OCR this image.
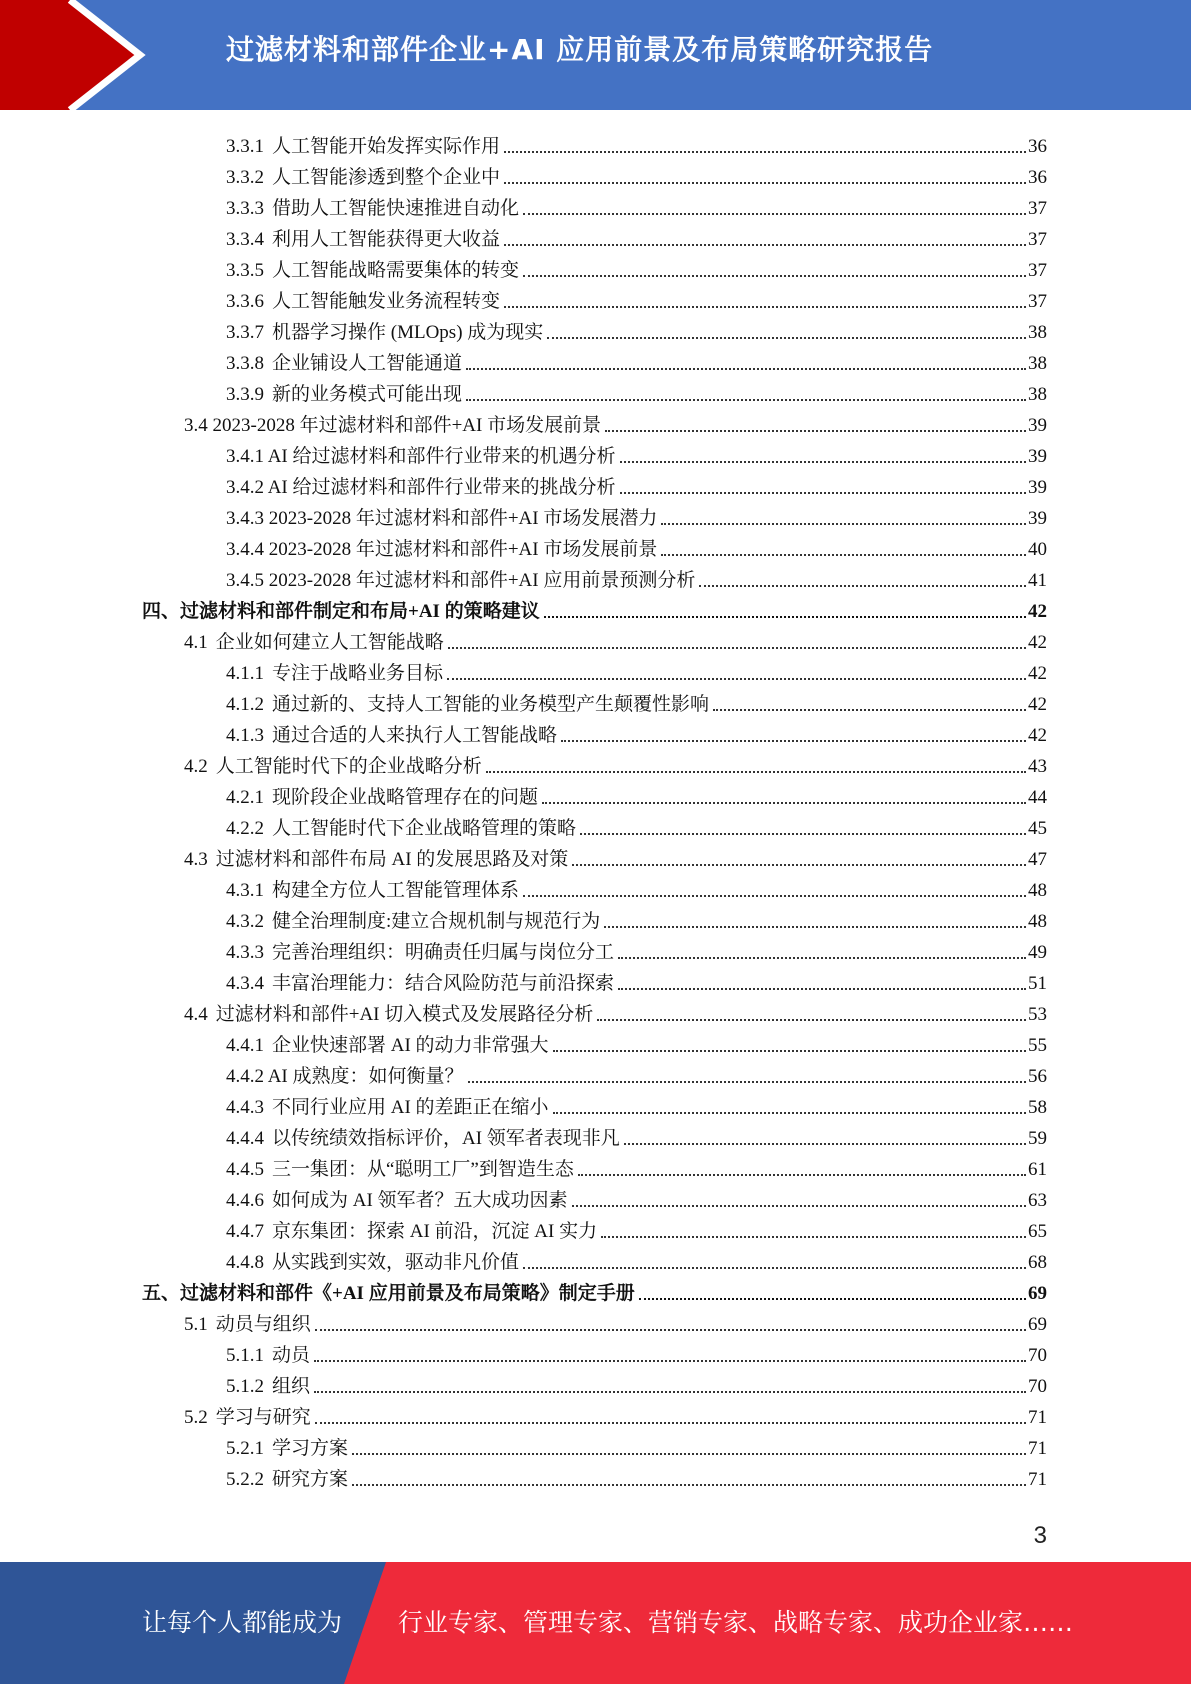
过滤材料和部件企业+AI 应用前景及布局策略研究报告
3.3.1 人工智能开始发挥实际作用	36
3.3.2 人工智能渗透到整个企业中	36
3.3.3 借助人工智能快速推进自动化	37
3.3.4 利用人工智能获得更大收益	37
3.3.5 人工智能战略需要集体的转变	37
3.3.6 人工智能触发业务流程转变	37
3.3.7 机器学习操作 (MLOps) 成为现实	38
3.3.8 企业铺设人工智能通道	38
3.3.9 新的业务模式可能出现	38
3.4 2023-2028 年过滤材料和部件+AI 市场发展前景	39
3.4.1 AI 给过滤材料和部件行业带来的机遇分析	39
3.4.2 AI 给过滤材料和部件行业带来的挑战分析	39
3.4.3 2023-2028 年过滤材料和部件+AI 市场发展潜力	39
3.4.4 2023-2028 年过滤材料和部件+AI 市场发展前景	40
3.4.5 2023-2028 年过滤材料和部件+AI 应用前景预测分析	41
四、过滤材料和部件制定和布局+AI 的策略建议	42
4.1 企业如何建立人工智能战略	42
4.1.1 专注于战略业务目标	42
4.1.2 通过新的、支持人工智能的业务模型产生颠覆性影响	42
4.1.3 通过合适的人来执行人工智能战略	42
4.2 人工智能时代下的企业战略分析	43
4.2.1 现阶段企业战略管理存在的问题	44
4.2.2 人工智能时代下企业战略管理的策略	45
4.3 过滤材料和部件布局 AI 的发展思路及对策	47
4.3.1 构建全方位人工智能管理体系	48
4.3.2 健全治理制度:建立合规机制与规范行为	48
4.3.3 完善治理组织：明确责任归属与岗位分工	49
4.3.4 丰富治理能力：结合风险防范与前沿探索	51
4.4 过滤材料和部件+AI 切入模式及发展路径分析	53
4.4.1 企业快速部署 AI 的动力非常强大	55
4.4.2 AI 成熟度：如何衡量？	56
4.4.3 不同行业应用 AI 的差距正在缩小	58
4.4.4 以传统绩效指标评价，AI 领军者表现非凡	59
4.4.5 三一集团：从“聪明工厂”到智造生态	61
4.4.6 如何成为 AI 领军者？五大成功因素	63
4.4.7 京东集团：探索 AI 前沿，沉淀 AI 实力	65
4.4.8 从实践到实效，驱动非凡价值	68
五、过滤材料和部件《+AI 应用前景及布局策略》制定手册	69
5.1 动员与组织	69
5.1.1 动员	70
5.1.2 组织	70
5.2 学习与研究	71
5.2.1 学习方案	71
5.2.2 研究方案	71
3
让每个人都能成为 行业专家、管理专家、营销专家、战略专家、成功企业家……
